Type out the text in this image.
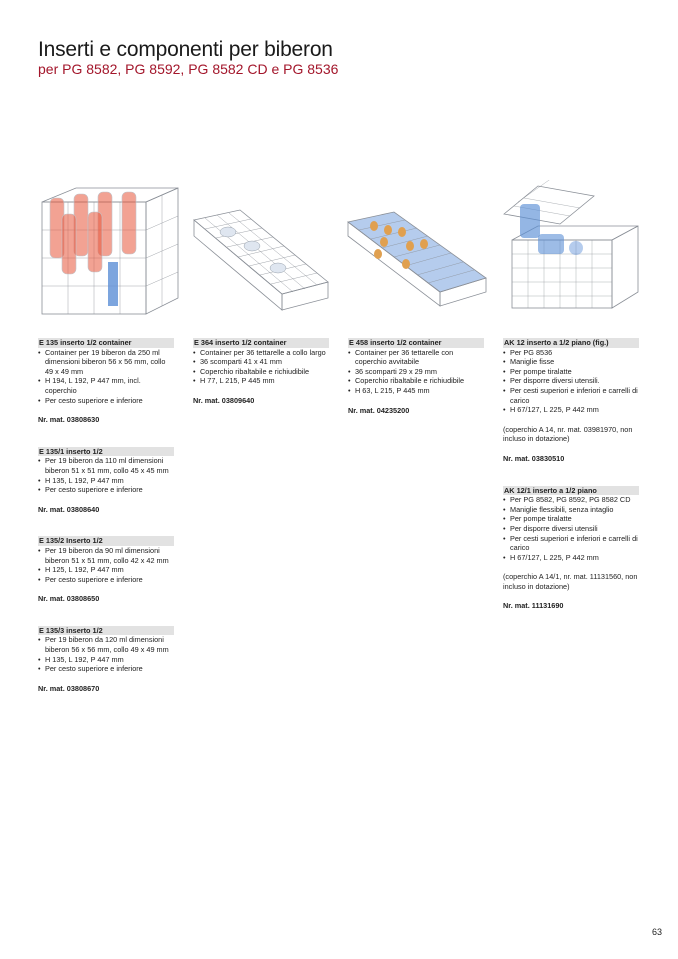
Inserti e componenti per biberon
per PG 8582, PG 8592, PG 8582 CD e PG 8536
E 135 inserto 1/2 container
• Container per 19 biberon da 250 ml dimensioni biberon 56 x 56 mm, collo 49 x 49 mm
• H 194, L 192, P 447 mm, incl. coperchio
• Per cesto superiore e inferiore
Nr. mat. 03808630
E 135/1 inserto 1/2
• Per 19 biberon da 110 ml dimensioni biberon 51 x 51 mm, collo 45 x 45 mm
• H 135, L 192, P 447 mm
• Per cesto superiore e inferiore
Nr. mat. 03808640
E 135/2 Inserto 1/2
• Per 19 biberon da 90 ml dimensioni biberon 51 x 51 mm, collo 42 x 42 mm
• H 125, L 192, P 447 mm
• Per cesto superiore e inferiore
Nr. mat. 03808650
E 135/3 inserto 1/2
• Per 19 biberon da 120 ml dimensioni biberon 56 x 56 mm, collo 49 x 49 mm
• H 135, L 192, P 447 mm
• Per cesto superiore e inferiore
Nr. mat. 03808670
E 364 inserto 1/2 container
• Container per 36 tettarelle a collo largo
• 36 scomparti 41 x 41 mm
• Coperchio ribaltabile e richiudibile
• H 77, L 215, P 445 mm
Nr. mat. 03809640
E 458 inserto 1/2 container
• Container per 36 tettarelle con coperchio avvitabile
• 36 scomparti 29 x 29 mm
• Coperchio ribaltabile e richiudibile
• H 63, L 215, P 445 mm
Nr. mat. 04235200
AK 12 inserto a 1/2 piano (fig.)
• Per PG 8536
• Maniglie fisse
• Per pompe tiralatte
• Per disporre diversi utensili.
• Per cesti superiori e inferiori e carrelli di carico
• H 67/127, L 225, P 442 mm
(coperchio A 14, nr. mat. 03981970, non incluso in dotazione)
Nr. mat. 03830510
AK 12/1 inserto a 1/2 piano
• Per PG 8582, PG 8592, PG 8582 CD
• Maniglie flessibili, senza intaglio
• Per pompe tiralatte
• Per disporre diversi utensili
• Per cesti superiori e inferiori e carrelli di carico
• H 67/127, L 225, P 442 mm
(coperchio A 14/1, nr. mat. 11131560, non incluso in dotazione)
Nr. mat. 11131690
63
